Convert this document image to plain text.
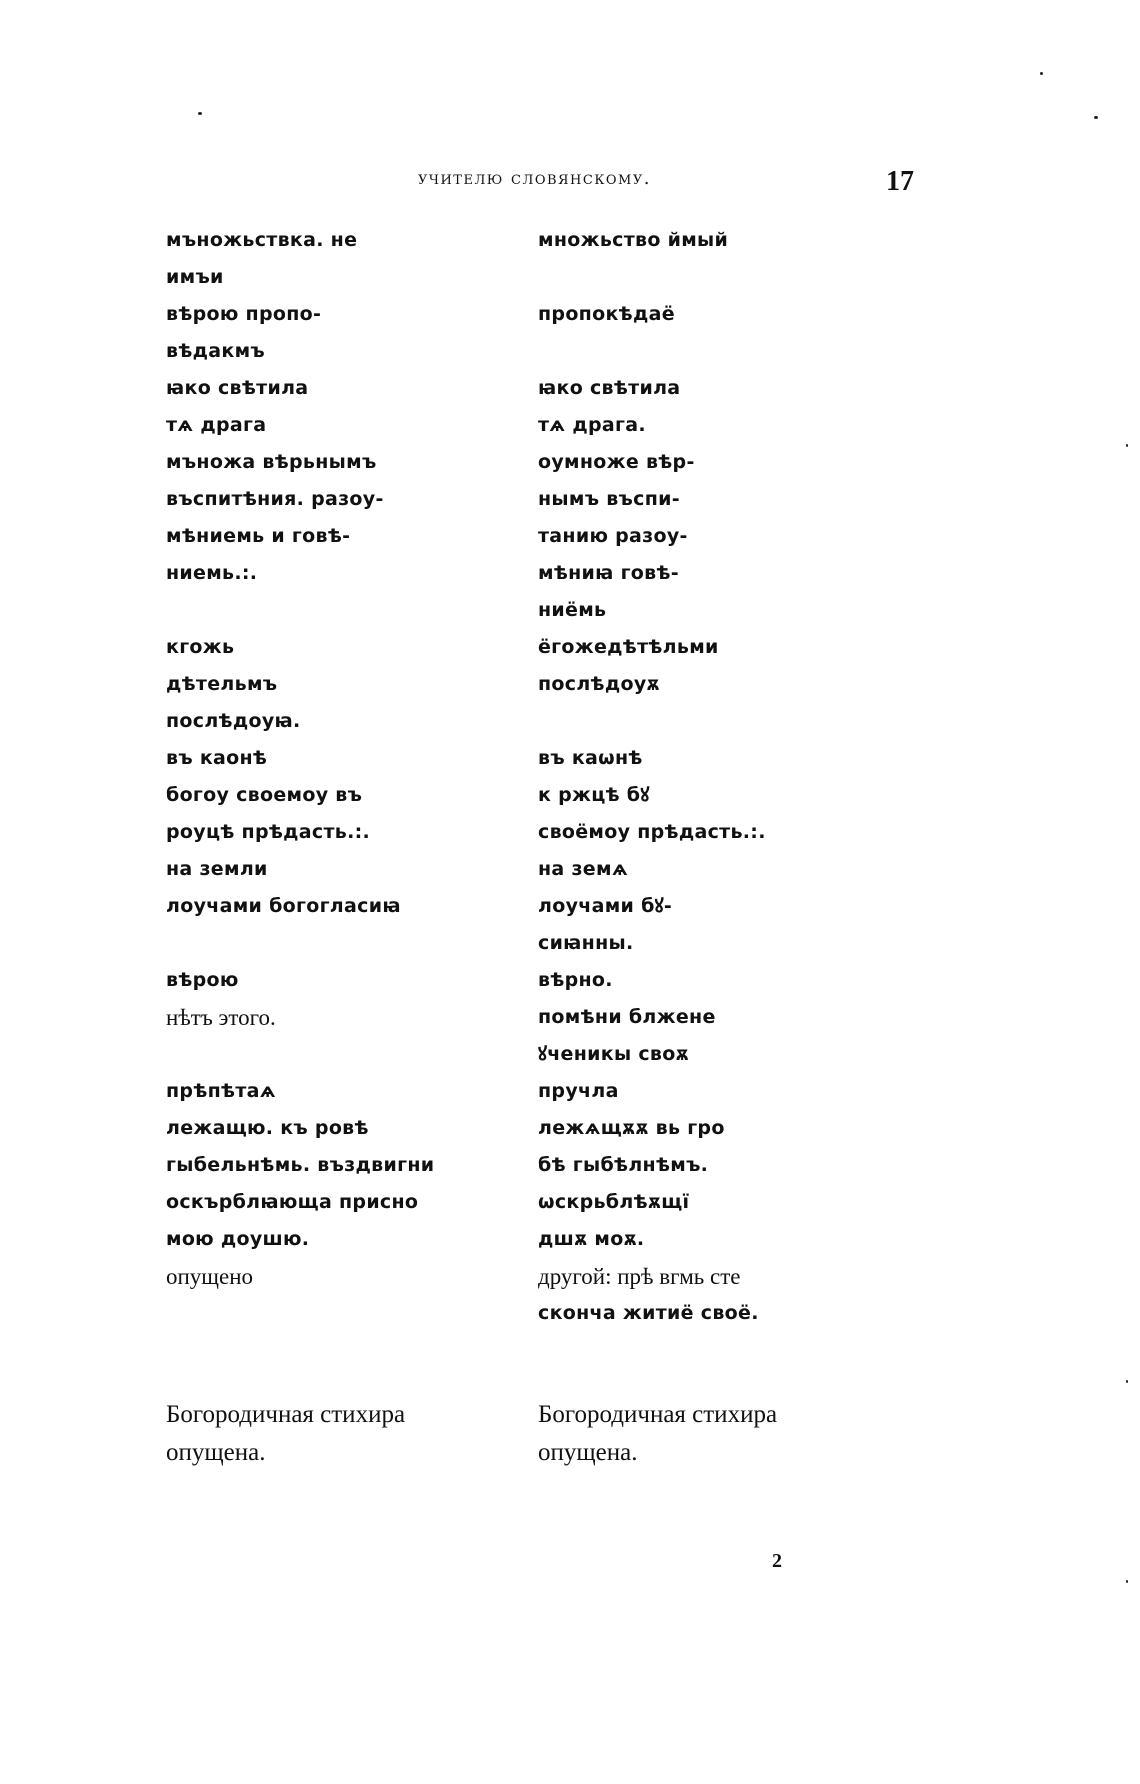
учителю словянскому.	17
мъножьствка. не
имъи
вѣрою пропо-
вѣдакмъ
ꙗко свѣтила
тѧ драга
мъножа вѣрьнымъ
въспитѣния. разоу-
мѣниемь и говѣ-
ниемь.:.
кгожь
дѣтельмъ
послѣдоуꙗ.
въ каонѣ
богоу своемоу въ
роуцѣ прѣдасть.:.
на земли
лоучами богогласиꙗ
вѣрою
нѣтъ этого.
прѣпѣтаѧ
лежащю. къ ровѣ
гыбельнѣмь. въздвигни
оскърблꙗюща присно
мою доушю.
опущено
множьство ймый
пропокѣдаё
ꙗко свѣтила
тѧ драга.
оумноже вѣр-
нымъ въспи-
танию разоу-
мѣниꙗ говѣ-
ниёмь
ёгожедѣтѣльми
послѣдоуѫ
въ каѡнѣ
к ржцѣ бꙋ
своёмоу прѣдасть.:.
на земѧ
лоучами бꙋ-
сиꙗнны.
вѣрно.
помѣни блжене
ꙋченикы своѫ
пручла
лежѧщѫѫ вь гро
бѣ гыбѣлнѣмъ.
ѡскрьблѣѫщї
дшѫ моѫ.
другой: прѣ вгмь сте
сконча житиё своё.
Богородичная стихира
опущена.
Богородичная стихира
опущена.
2
